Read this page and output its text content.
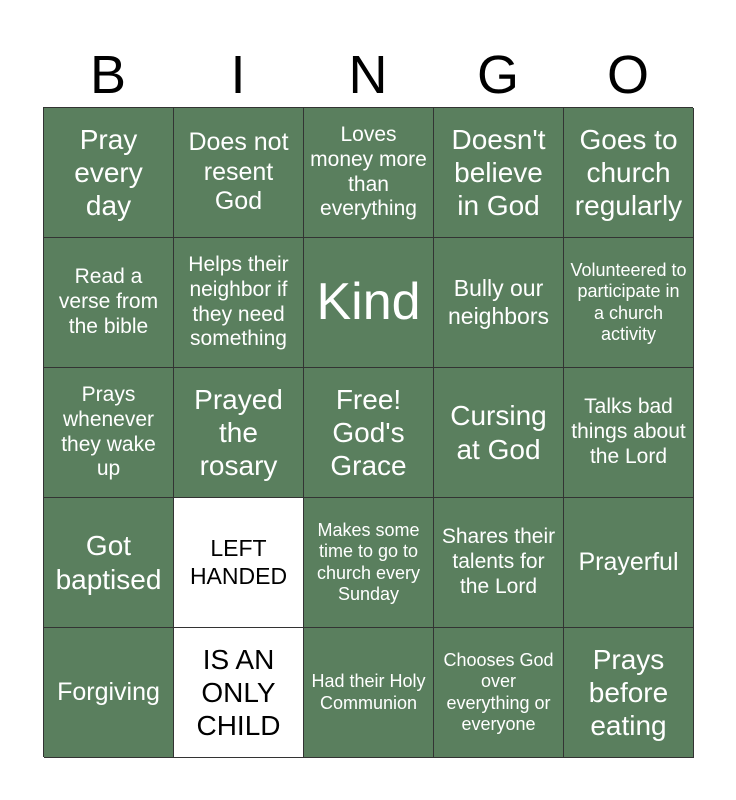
B	I	N	G	O
Pray every day
Does not resent God
Loves money more than everything
Doesn't believe in God
Goes to church regularly
Read a verse from the bible
Helps their neighbor if they need something
Kind	Bully our neighbors
Volunteered to participate in a church activity
Prays whenever they wake up
Prayed the rosary
Free! God's Grace
Cursing at God
Talks bad things about the Lord
Got baptised
LEFT HANDED
Makes some time to go to church every Sunday
Shares their talents for the Lord
Prayerful
Forgiving
IS AN ONLY CHILD
Had their Holy Communion
Chooses God over everything or everyone
Prays before eating
